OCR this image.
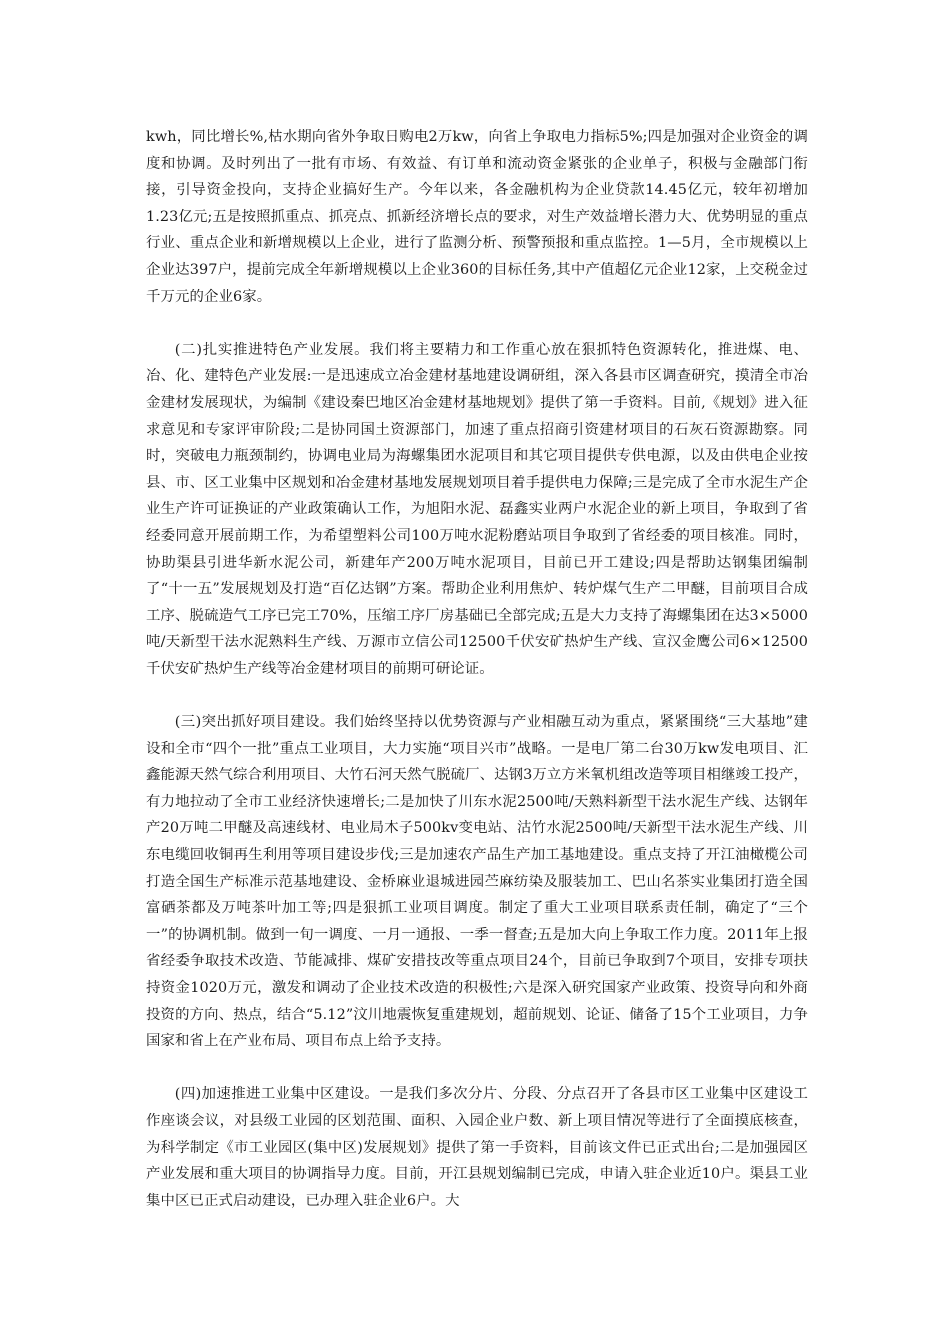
kwh，同比增长%,枯水期向省外争取日购电2万kw，向省上争取电力指标5%;四是加强对企业资金的调度和协调。及时列出了一批有市场、有效益、有订单和流动资金紧张的企业单子，积极与金融部门衔接，引导资金投向，支持企业搞好生产。今年以来，各金融机构为企业贷款14.45亿元，较年初增加1.23亿元;五是按照抓重点、抓亮点、抓新经济增长点的要求，对生产效益增长潜力大、优势明显的重点行业、重点企业和新增规模以上企业，进行了监测分析、预警预报和重点监控。1—5月，全市规模以上企业达397户，提前完成全年新增规模以上企业360的目标任务,其中产值超亿元企业12家，上交税金过千万元的企业6家。

(二)扎实推进特色产业发展。我们将主要精力和工作重心放在狠抓特色资源转化，推进煤、电、冶、化、建特色产业发展:一是迅速成立冶金建材基地建设调研组，深入各县市区调查研究，摸清全市冶金建材发展现状，为编制《建设秦巴地区冶金建材基地规划》提供了第一手资料。目前,《规划》进入征求意见和专家评审阶段;二是协同国土资源部门，加速了重点招商引资建材项目的石灰石资源勘察。同时，突破电力瓶颈制约，协调电业局为海螺集团水泥项目和其它项目提供专供电源，以及由供电企业按县、市、区工业集中区规划和冶金建材基地发展规划项目着手提供电力保障;三是完成了全市水泥生产企业生产许可证换证的产业政策确认工作，为旭阳水泥、磊鑫实业两户水泥企业的新上项目，争取到了省经委同意开展前期工作，为希望塑料公司100万吨水泥粉磨站项目争取到了省经委的项目核准。同时，协助渠县引进华新水泥公司，新建年产200万吨水泥项目，目前已开工建设;四是帮助达钢集团编制了“十一五”发展规划及打造“百亿达钢”方案。帮助企业利用焦炉、转炉煤气生产二甲醚，目前项目合成工序、脱硫造气工序已完工70%，压缩工序厂房基础已全部完成;五是大力支持了海螺集团在达3×5000吨/天新型干法水泥熟料生产线、万源市立信公司12500千伏安矿热炉生产线、宣汉金鹰公司6×12500千伏安矿热炉生产线等冶金建材项目的前期可研论证。

(三)突出抓好项目建设。我们始终坚持以优势资源与产业相融互动为重点，紧紧围绕“三大基地”建设和全市“四个一批”重点工业项目，大力实施“项目兴市”战略。一是电厂第二台30万kw发电项目、汇鑫能源天然气综合利用项目、大竹石河天然气脱硫厂、达钢3万立方米氧机组改造等项目相继竣工投产，有力地拉动了全市工业经济快速增长;二是加快了川东水泥2500吨/天熟料新型干法水泥生产线、达钢年产20万吨二甲醚及高速线材、电业局木子500kv变电站、沽竹水泥2500吨/天新型干法水泥生产线、川东电缆回收铜再生利用等项目建设步伐;三是加速农产品生产加工基地建设。重点支持了开江油橄榄公司打造全国生产标准示范基地建设、金桥麻业退城进园苎麻纺染及服装加工、巴山名茶实业集团打造全国富硒茶都及万吨茶叶加工等;四是狠抓工业项目调度。制定了重大工业项目联系责任制，确定了“三个一”的协调机制。做到一旬一调度、一月一通报、一季一督查;五是加大向上争取工作力度。2011年上报省经委争取技术改造、节能减排、煤矿安措技改等重点项目24个，目前已争取到7个项目，安排专项扶持资金1020万元，激发和调动了企业技术改造的积极性;六是深入研究国家产业政策、投资导向和外商投资的方向、热点，结合“5.12”汶川地震恢复重建规划，超前规划、论证、储备了15个工业项目，力争国家和省上在产业布局、项目布点上给予支持。

(四)加速推进工业集中区建设。一是我们多次分片、分段、分点召开了各县市区工业集中区建设工作座谈会议，对县级工业园的区划范围、面积、入园企业户数、新上项目情况等进行了全面摸底核查，为科学制定《市工业园区(集中区)发展规划》提供了第一手资料，目前该文件已正式出台;二是加强园区产业发展和重大项目的协调指导力度。目前，开江县规划编制已完成，申请入驻企业近10户。渠县工业集中区已正式启动建设，已办理入驻企业6户。大
